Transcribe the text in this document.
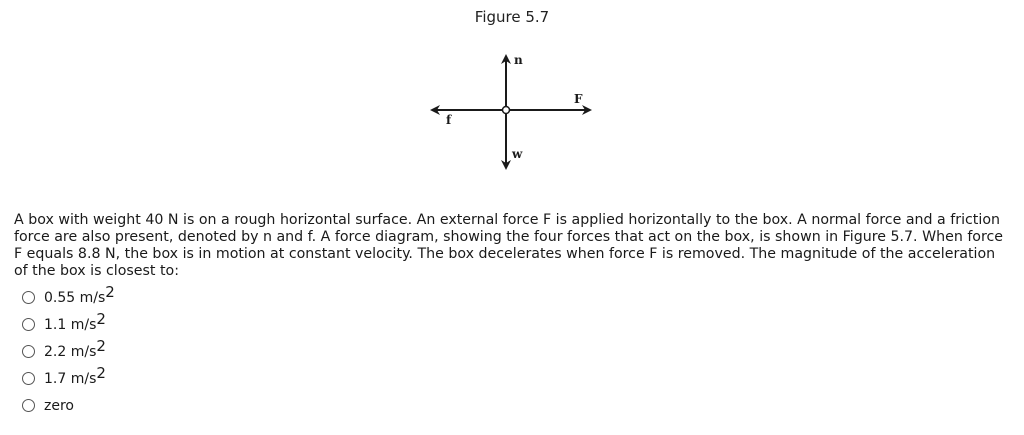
Figure 5.7
n
F
f
w
A box with weight 40 N is on a rough horizontal surface. An external force F is applied horizontally to the box. A normal force and a friction force are also present, denoted by n and f. A force diagram, showing the four forces that act on the box, is shown in Figure 5.7. When force F equals 8.8 N, the box is in motion at constant velocity. The box decelerates when force F is removed. The magnitude of the acceleration of the box is closest to:
0.55 $m/s^2$
1.1 $m/s^2$
2.2 $m/s^2$
1.7 $m/s^2$
zero
